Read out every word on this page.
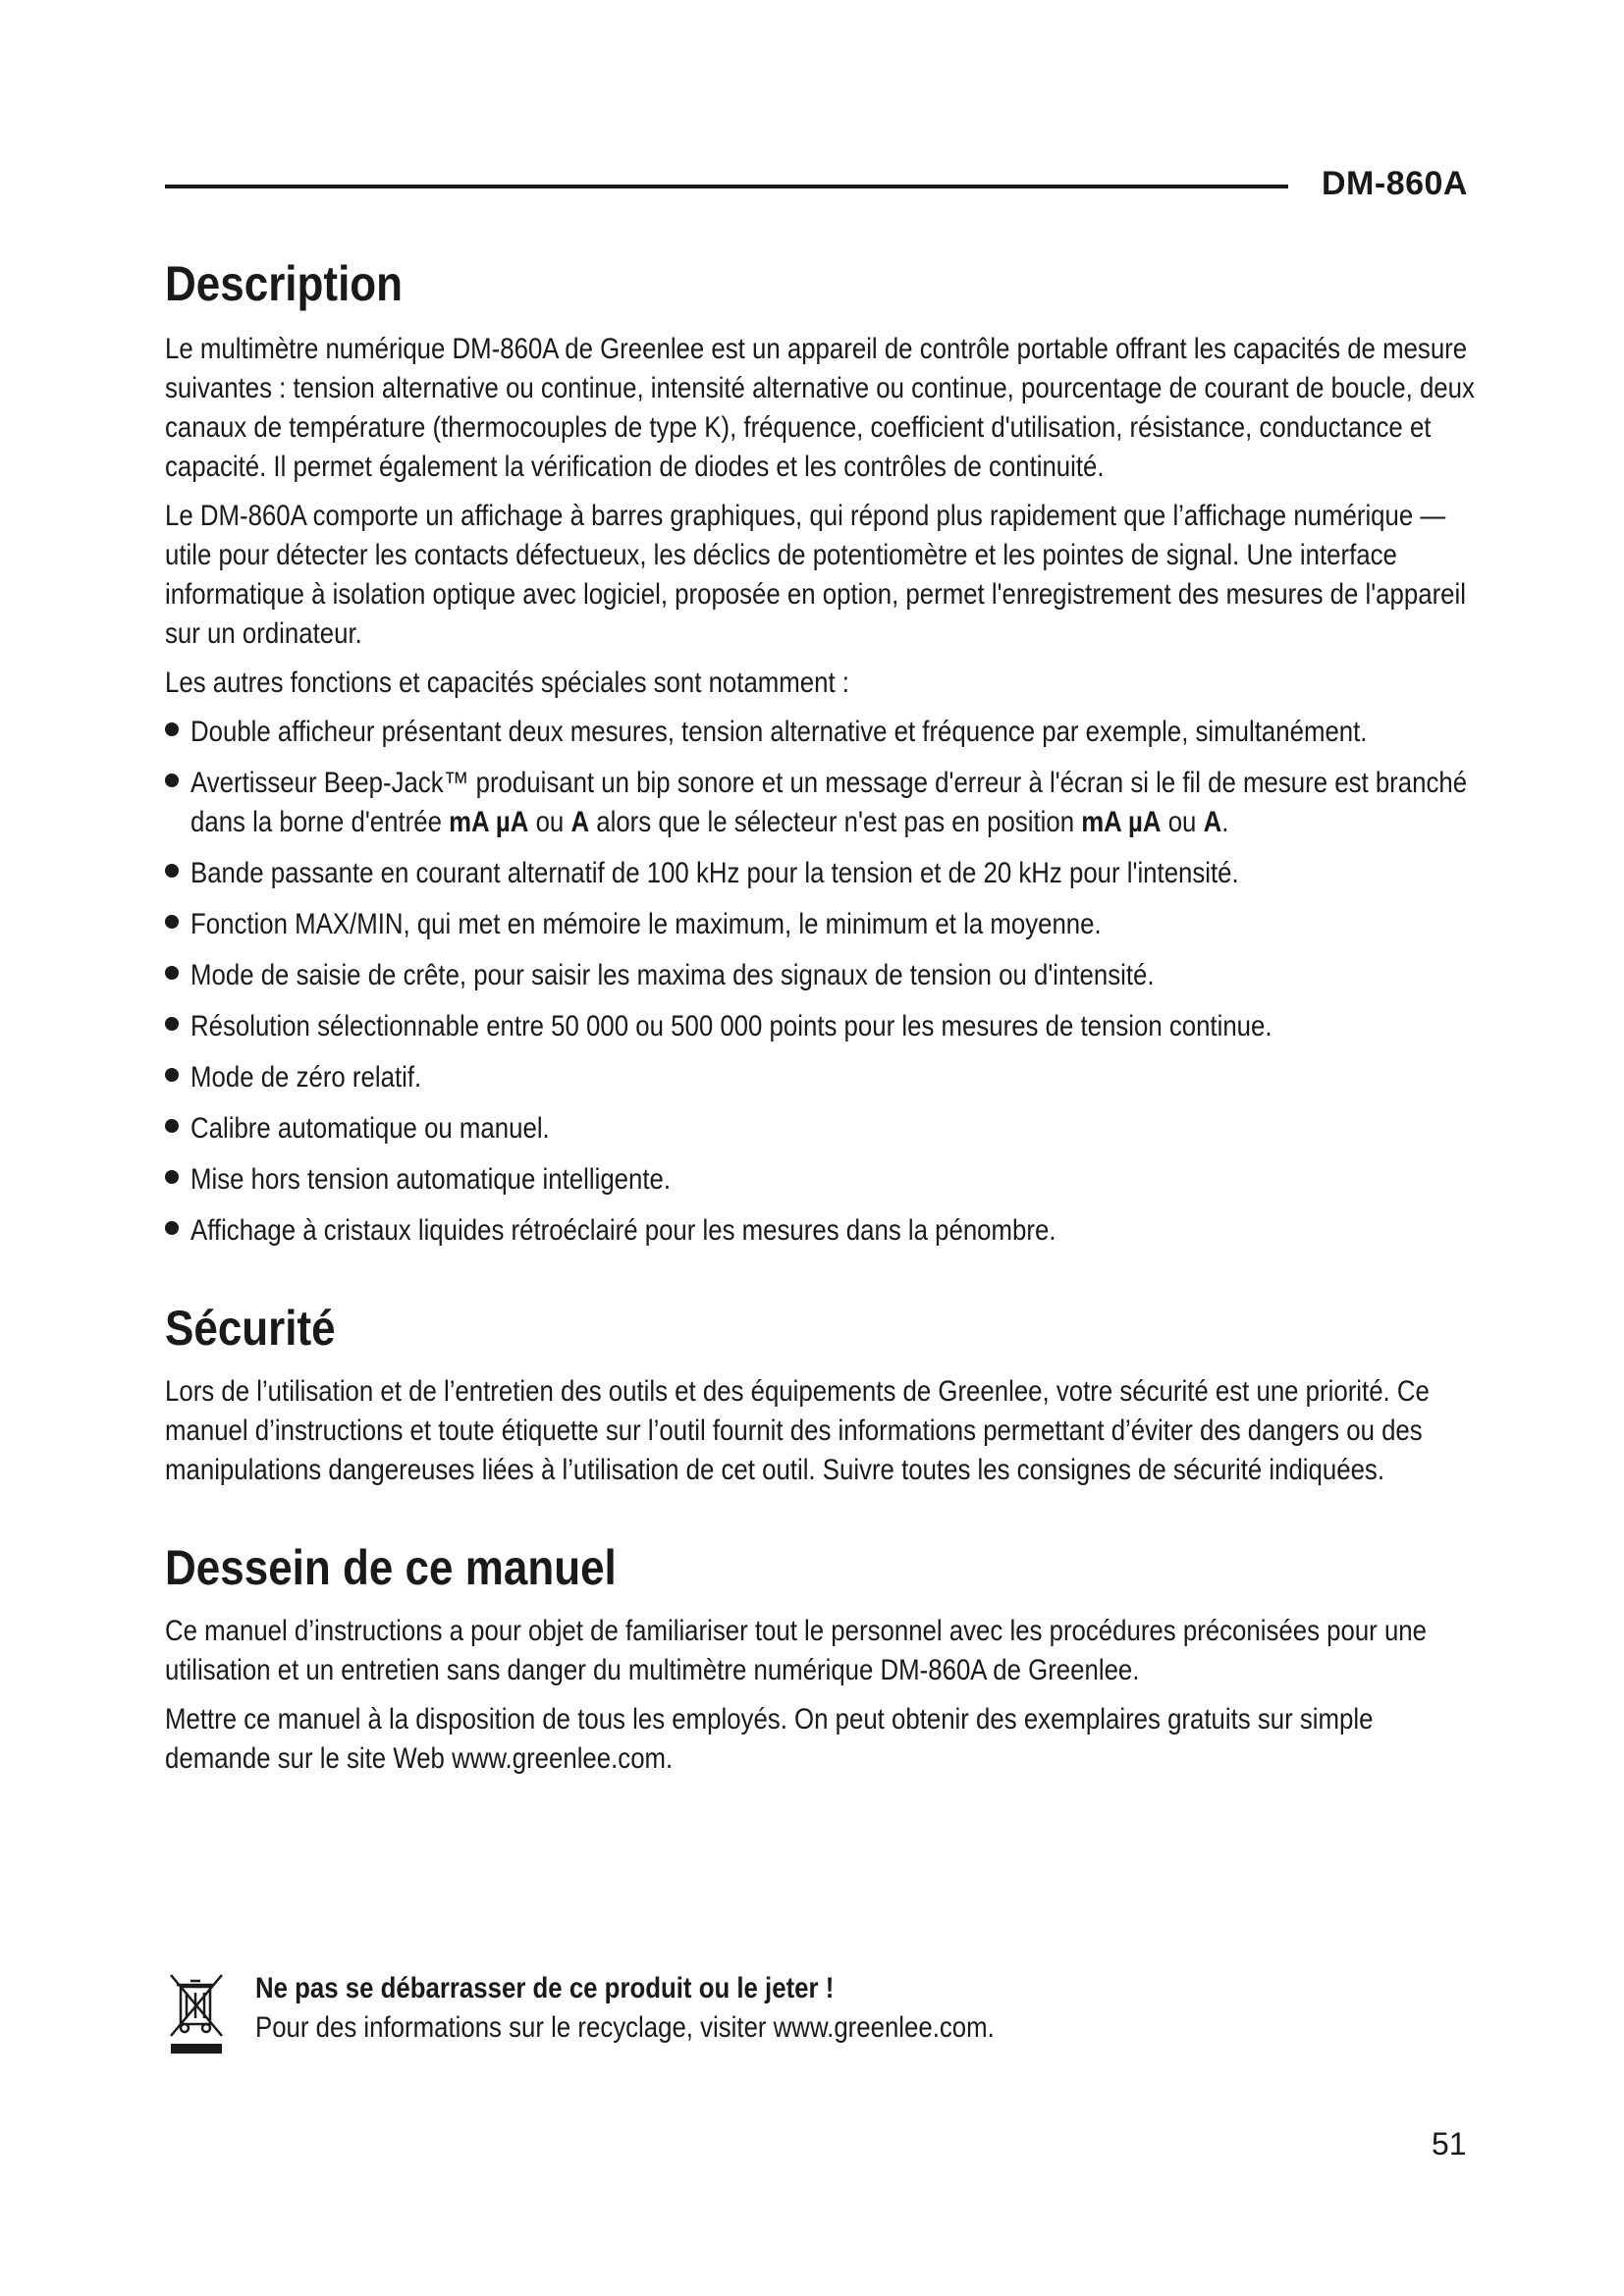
DM-860A
Description

Le multimètre numérique DM-860A de Greenlee est un appareil de contrôle portable offrant les capacités de mesure suivantes : tension alternative ou continue, intensité alternative ou continue, pourcentage de courant de boucle, deux canaux de température (thermocouples de type K), fréquence, coefficient d'utilisation, résistance, conductance et capacité. Il permet également la vérification de diodes et les contrôles de continuité.

Le DM-860A comporte un affichage à barres graphiques, qui répond plus rapidement que l’affichage numérique — utile pour détecter les contacts défectueux, les déclics de potentiomètre et les pointes de signal. Une interface informatique à isolation optique avec logiciel, proposée en option, permet l'enregistrement des mesures de l'appareil sur un ordinateur.

Les autres fonctions et capacités spéciales sont notamment :

Double afficheur présentant deux mesures, tension alternative et fréquence par exemple, simultanément.

Avertisseur Beep-Jack™ produisant un bip sonore et un message d'erreur à l'écran si le fil de mesure est branché dans la borne d'entrée mA µA ou A alors que le sélecteur n'est pas en position mA µA ou A.

Bande passante en courant alternatif de 100 kHz pour la tension et de 20 kHz pour l'intensité.

Fonction MAX/MIN, qui met en mémoire le maximum, le minimum et la moyenne.

Mode de saisie de crête, pour saisir les maxima des signaux de tension ou d'intensité.

Résolution sélectionnable entre 50 000 ou 500 000 points pour les mesures de tension continue.

Mode de zéro relatif.

Calibre automatique ou manuel.

Mise hors tension automatique intelligente.

Affichage à cristaux liquides rétroéclairé pour les mesures dans la pénombre.

Sécurité

Lors de l’utilisation et de l’entretien des outils et des équipements de Greenlee, votre sécurité est une priorité. Ce manuel d’instructions et toute étiquette sur l’outil fournit des informations permettant d’éviter des dangers ou des manipulations dangereuses liées à l’utilisation de cet outil. Suivre toutes les consignes de sécurité indiquées.

Dessein de ce manuel

Ce manuel d’instructions a pour objet de familiariser tout le personnel avec les procédures préconisées pour une utilisation et un entretien sans danger du multimètre numérique DM-860A de Greenlee.

Mettre ce manuel à la disposition de tous les employés. On peut obtenir des exemplaires gratuits sur simple demande sur le site Web www.greenlee.com.

Ne pas se débarrasser de ce produit ou le jeter !
Pour des informations sur le recyclage, visiter www.greenlee.com.
51
